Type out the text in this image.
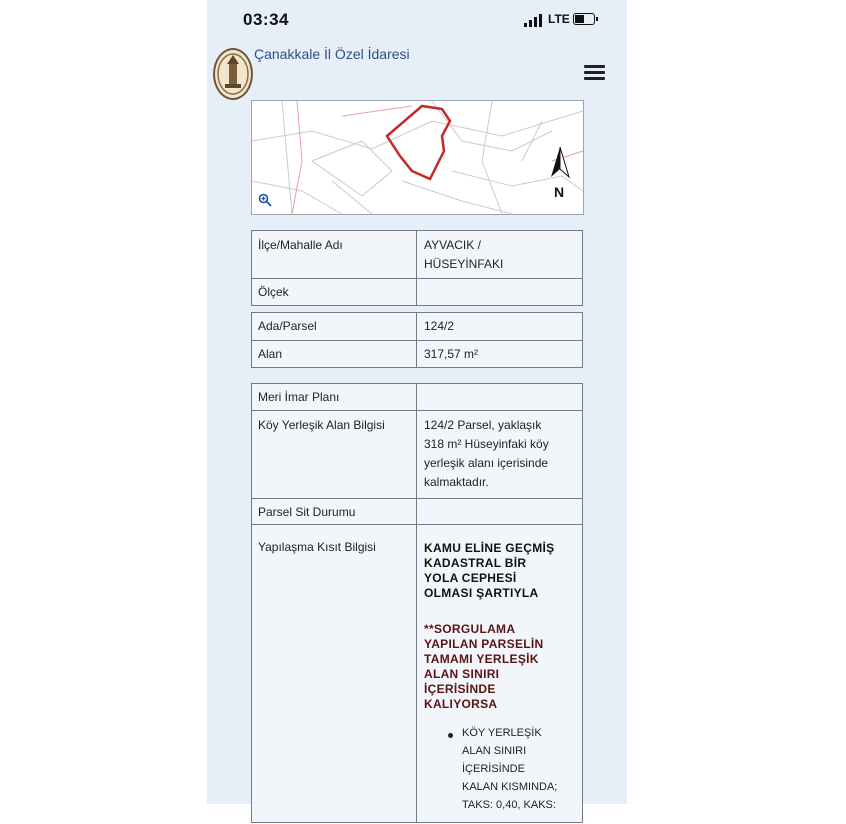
03:34	LTE
Çanakkale İl Özel İdaresi
N
İlçe/Mahalle Adı	AYVACIK /
HÜSEYİNFAKI
Ölçek
Ada/Parsel	124/2
Alan	317,57 m²
Meri İmar Planı
Köy Yerleşik Alan Bilgisi	124/2 Parsel, yaklaşık
318 m² Hüseyinfaki köy
yerleşik alanı içerisinde
kalmaktadır.
Parsel Sit Durumu
Yapılaşma Kısıt Bilgisi	KAMU ELİNE GEÇMİŞ
KADASTRAL BİR
YOLA CEPHESİ
OLMASI ŞARTIYLA
**SORGULAMA
YAPILAN PARSELİN
TAMAMI YERLEŞİK
ALAN SINIRI
İÇERİSİNDE
KALIYORSA
KÖY YERLEŞİK
ALAN SINIRI
İÇERİSİNDE
KALAN KISMINDA;
TAKS: 0,40, KAKS:
